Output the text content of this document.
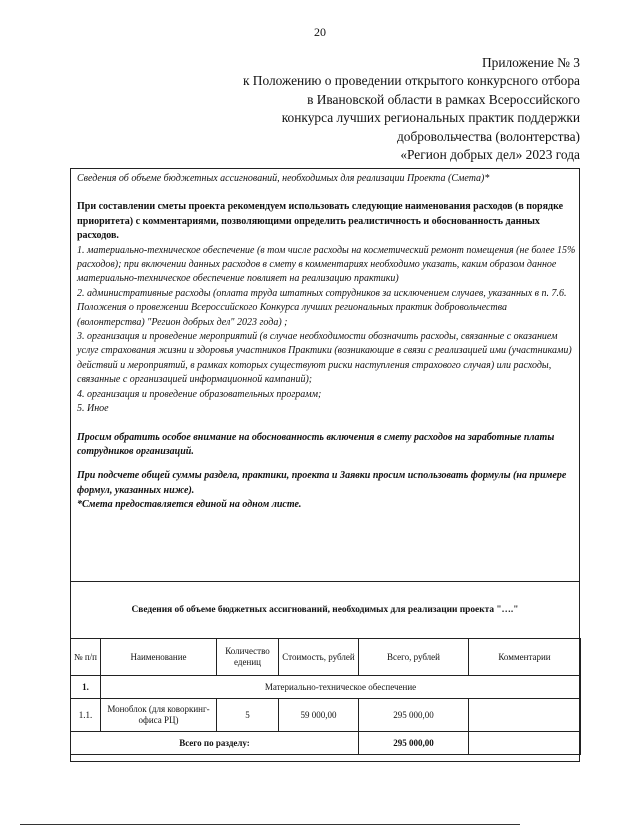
20
Приложение № 3
к Положению о проведении открытого конкурсного отбора
в Ивановской области в рамках Всероссийского
конкурса лучших региональных практик поддержки
добровольчества (волонтерства)
«Регион добрых дел» 2023 года

Сведения об объеме бюджетных ассигнований, необходимых для реализации Проекта (Смета)*

При составлении сметы проекта рекомендуем использовать следующие наименования расходов (в порядке приоритета) с комментариями, позволяющими определить реалистичность и обоснованность данных расходов.

1. материально-техническое обеспечение (в том числе расходы на косметический ремонт помещения (не более 15% расходов); при включении данных расходов в смету в комментариях необходимо указать, каким образом данное материально-техническое обеспечение повлияет на реализацию практики)

2. административные расходы (оплата труда штатных сотрудников за исключением случаев, указанных в п. 7.6. Положения о провежении Всероссийского Конкурса лучших региональных практик добровольчества (волонтерства) "Регион добрых дел" 2023 года) ;

3. организация и проведение мероприятий (в случае необходимости обозначить расходы, связанные с оказанием услуг страхования жизни и здоровья участников Практики (возникающие в связи с реализацией ими (участниками) действий и мероприятий, в рамках которых существуют риски наступления страхового случая) или расходы, связанные с организацией информационной кампаний);

4. организация и проведение образовательных программ;

5. Иное

Просим обратить особое внимание на обоснованность включения в смету расходов на заработные платы сотрудников организаций.

При подсчете общей суммы раздела, практики, проекта и Заявки просим использовать формулы (на примере формул, указанных ниже).

*Смета предоставляется единой на одном листе.

Сведения об объеме бюджетных ассигнований, необходимых для реализации проекта "…."
№ п/п	Наименование	Количество едениц	Стоимость, рублей	Всего, рублей	Комментарии
1.	Материально-техническое обеспечение				
1.1.	Моноблок (для коворкинг-офиса РЦ)	5	59 000,00	295 000,00	
Всего по разделу:				295 000,00	
